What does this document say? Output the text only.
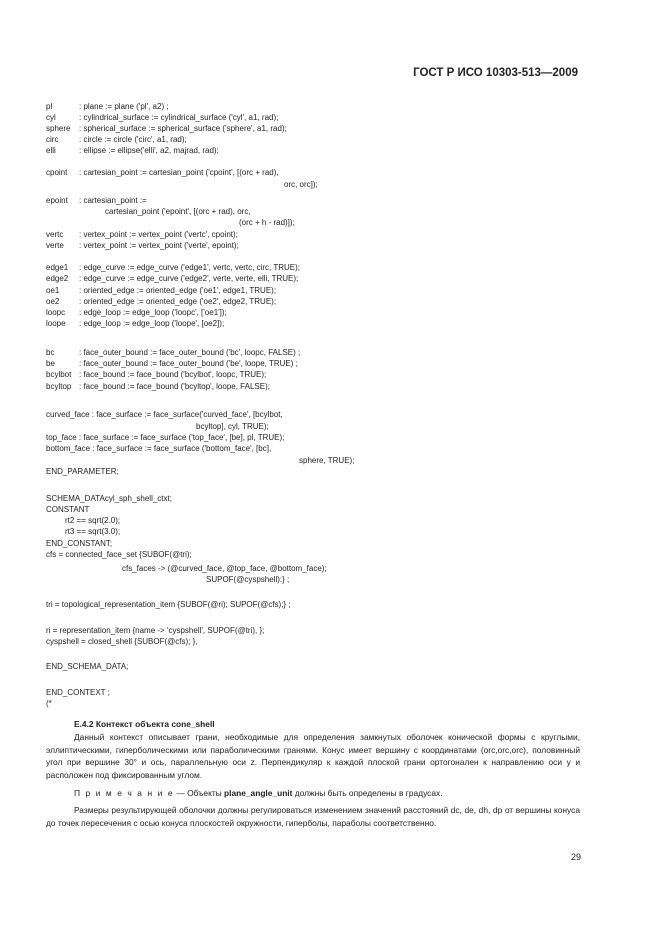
ГОСТ Р ИСО 10303-513—2009
pl	: plane := plane ('pl', a2) ;
cyl	: cylindrical_surface := cylindrical_surface ('cyl', a1, rad);
sphere : spherical_surface := spherical_surface ('sphere', a1, rad);
circ	: circle := circle ('circ', a1, rad);
elli	: ellipse := ellipse('elli', a2, majrad, rad);
cpoint : cartesian_point := cartesian_point ('cpoint', [(orc + rad),
orc, orc]);
epoint : cartesian_point :=
cartesian_point ('epoint', [(orc + rad), orc,
(orc + h - rad)]);
vertc : vertex_point := vertex_point ('vertc', cpoint);
verte : vertex_point := vertex_point ('verte', epoint);
edge1 : edge_curve := edge_curve ('edge1', vertc, vertc, circ, TRUE);
edge2 : edge_curve := edge_curve ('edge2', verte, verte, elli, TRUE);
oe1 : oriented_edge := oriented_edge ('oe1', edge1, TRUE);
oe2 : oriented_edge := oriented_edge ('oe2', edge2, TRUE);
loopc : edge_loop := edge_loop ('loopc', ['oe1']);
loope : edge_loop := edge_loop ('loope', [oe2]);
bc	: face_outer_bound := face_outer_bound ('bc', loopc, FALSE) ;
be	: face_outer_bound := face_outer_bound ('be', loope, TRUE) ;
bcylbot : face_bound := face_bound ('bcylbot', loopc, TRUE);
bcyltop : face_bound := face_bound ('bcyltop', loope, FALSE);
curved_face : face_surface := face_surface('curved_face', [bcylbot,
bcyltop], cyl, TRUE);
top_face : face_surface := face_surface ('top_face', [be], pl, TRUE);
bottom_face : face_surface := face_surface ('bottom_face', [bc],
sphere, TRUE);
END_PARAMETER;
SCHEMA_DATAcyl_sph_shell_ctxt;
CONSTANT
rt2 == sqrt(2.0);
rt3 == sqrt(3.0);
END_CONSTANT;
cfs = connected_face_set {SUBOF(@tri);
cfs_faces -> (@curved_face, @top_face, @bottom_face);
SUPOF(@cyspshell):} ;
tri = topological_representation_item {SUBOF(@ri); SUPOF(@cfs);} ;
ri = representation_item {name -> 'cyspshell', SUPOF(@tri), };
cyspshell = closed_shell {SUBOF(@cfs); },
END_SCHEMA_DATA;
END_CONTEXT ;
(*
Е.4.2 Контекст объекта cone_shell

Данный контекст описывает грани, необходимые для определения замкнутых оболочек конической формы с круглыми, эллиптическими, гиперболическими или параболическими гранями. Конус имеет вершину с координатами (orc,orc,orc), половинный угол при вершине 30° и ось, параллельную оси z. Перпендикуляр к каждой плоской грани ортогонален к направлению оси y и расположен под фиксированным углом.

П р и м е ч а н и е — Объекты plane_angle_unit должны быть определены в градусах.

Размеры результирующей оболочки должны регулироваться изменением значений расстояний dc, de, dh, dp от вершины конуса до точек пересечения с осью конуса плоскостей окружности, гиперболы, параболы соответственно.

29
